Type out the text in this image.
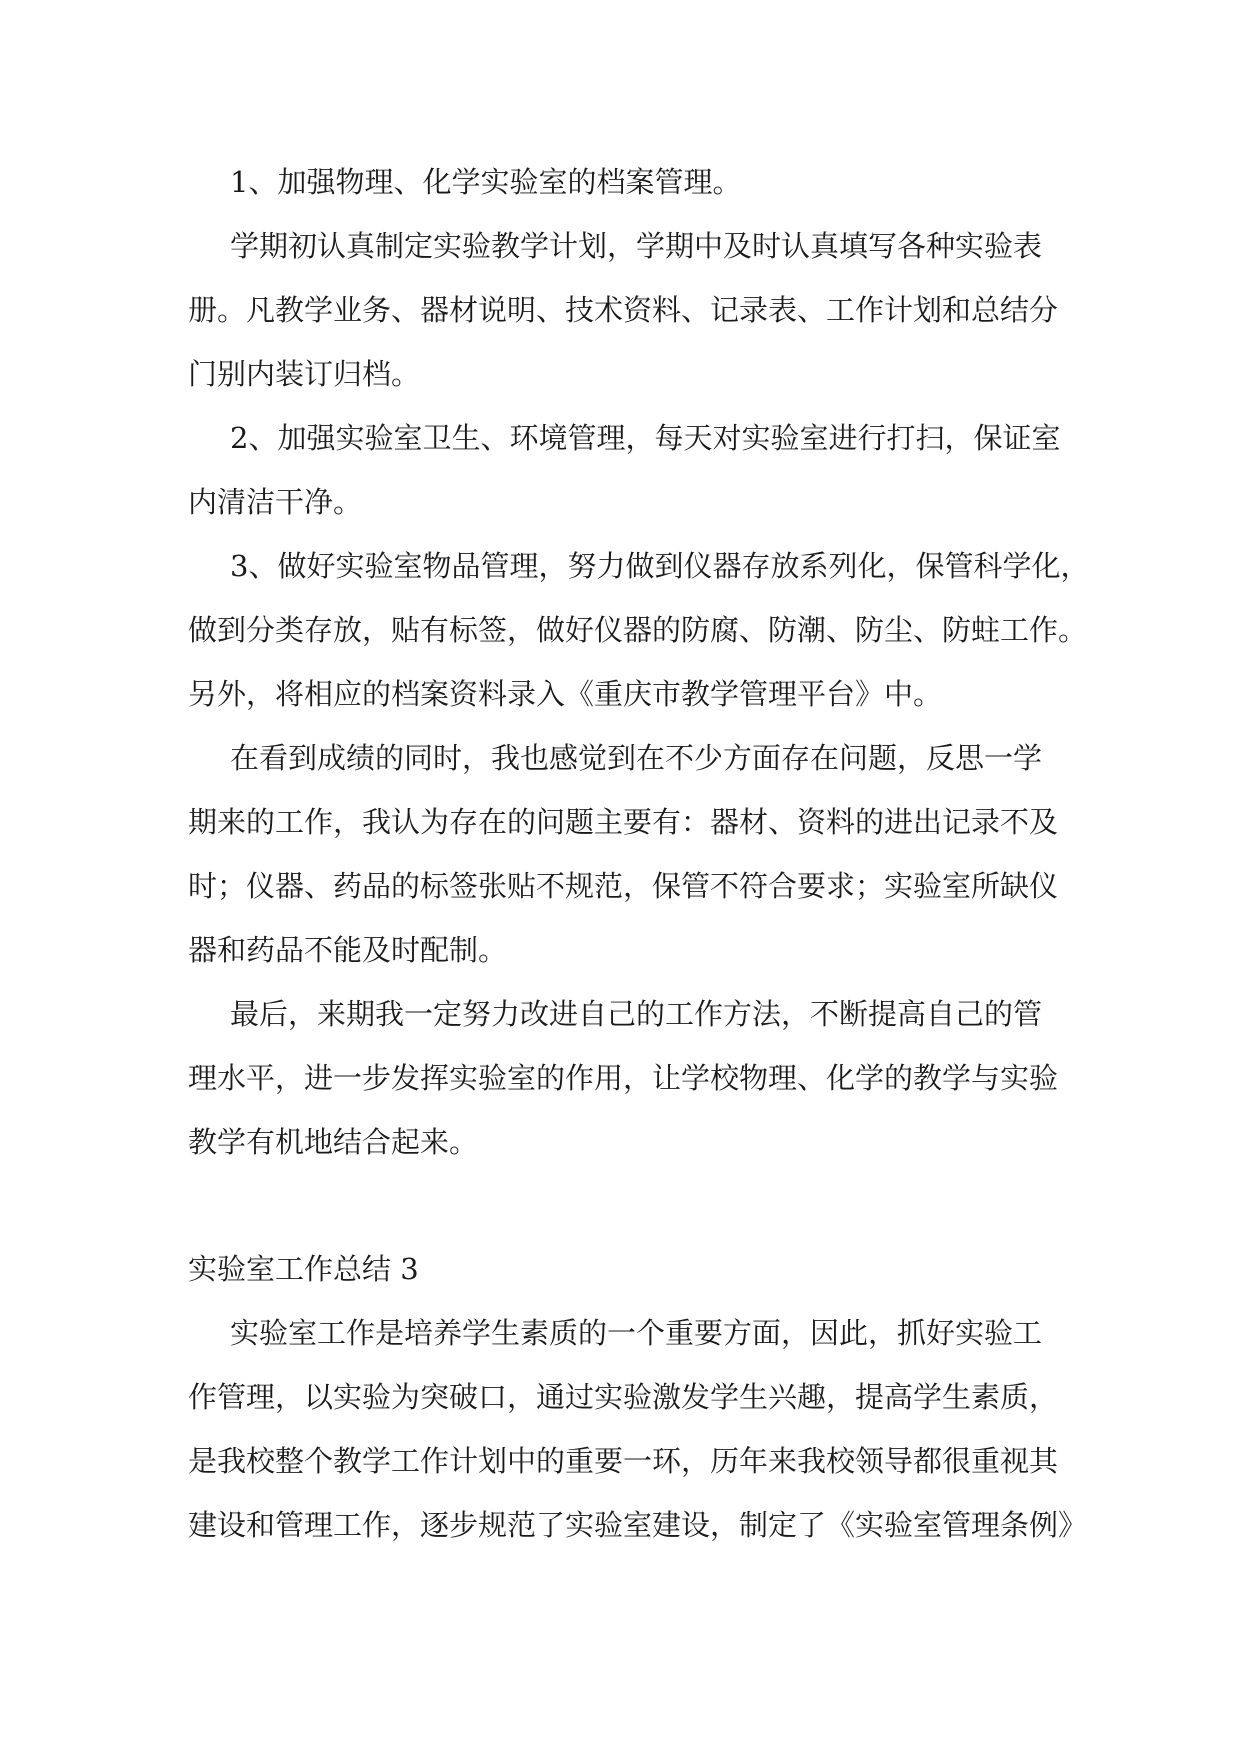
1、加强物理、化学实验室的档案管理。

学期初认真制定实验教学计划，学期中及时认真填写各种实验表

册。凡教学业务、器材说明、技术资料、记录表、工作计划和总结分

门别内装订归档。

2、加强实验室卫生、环境管理，每天对实验室进行打扫，保证室

内清洁干净。

3、做好实验室物品管理，努力做到仪器存放系列化，保管科学化，

做到分类存放，贴有标签，做好仪器的防腐、防潮、防尘、防蛀工作。

另外，将相应的档案资料录入《重庆市教学管理平台》中。

在看到成绩的同时，我也感觉到在不少方面存在问题，反思一学

期来的工作，我认为存在的问题主要有：器材、资料的进出记录不及

时；仪器、药品的标签张贴不规范，保管不符合要求；实验室所缺仪

器和药品不能及时配制。

最后，来期我一定努力改进自己的工作方法，不断提高自己的管

理水平，进一步发挥实验室的作用，让学校物理、化学的教学与实验

教学有机地结合起来。

实验室工作总结 3

实验室工作是培养学生素质的一个重要方面，因此，抓好实验工

作管理，以实验为突破口，通过实验激发学生兴趣，提高学生素质，

是我校整个教学工作计划中的重要一环，历年来我校领导都很重视其

建设和管理工作，逐步规范了实验室建设，制定了《实验室管理条例》
